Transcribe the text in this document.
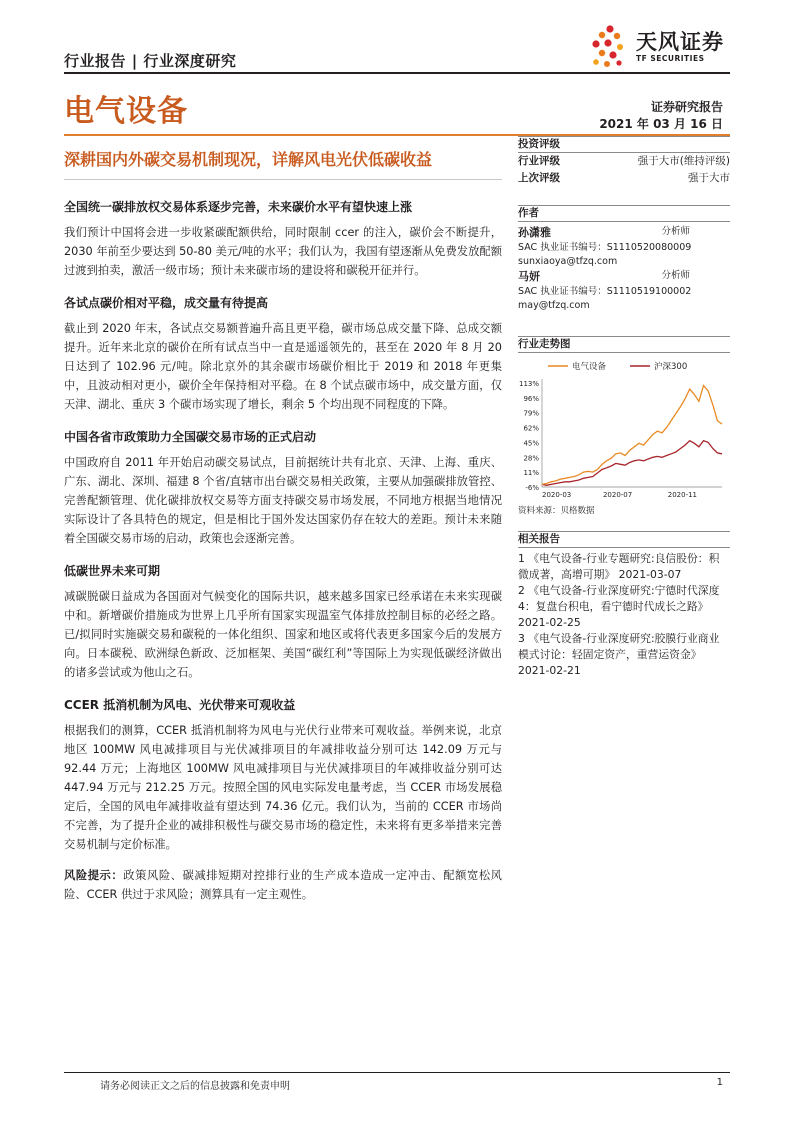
行业报告 | 行业深度研究
天风证券
TF SECURITIES
电气设备	证券研究报告
2021 年 03 月 16 日
深耕国内外碳交易机制现况，详解风电光伏低碳收益
全国统一碳排放权交易体系逐步完善，未来碳价水平有望快速上涨
我们预计中国将会进一步收紧碳配额供给，同时限制 ccer 的注入，碳价会不断提升，2030 年前至少要达到 50-80 美元/吨的水平；我们认为，我国有望逐渐从免费发放配额过渡到拍卖，激活一级市场；预计未来碳市场的建设将和碳税开征并行。
各试点碳价相对平稳，成交量有待提高
截止到 2020 年末，各试点交易额普遍升高且更平稳，碳市场总成交量下降、总成交额提升。近年来北京的碳价在所有试点当中一直是遥遥领先的，甚至在 2020 年 8 月 20 日达到了 102.96 元/吨。除北京外的其余碳市场碳价相比于 2019 和 2018 年更集中，且波动相对更小，碳价全年保持相对平稳。在 8 个试点碳市场中，成交量方面，仅天津、湖北、重庆 3 个碳市场实现了增长，剩余 5 个均出现不同程度的下降。
中国各省市政策助力全国碳交易市场的正式启动
中国政府自 2011 年开始启动碳交易试点，目前据统计共有北京、天津、上海、重庆、广东、湖北、深圳、福建 8 个省/直辖市出台碳交易相关政策，主要从加强碳排放管控、完善配额管理、优化碳排放权交易等方面支持碳交易市场发展，不同地方根据当地情况实际设计了各具特色的规定，但是相比于国外发达国家仍存在较大的差距。预计未来随着全国碳交易市场的启动，政策也会逐渐完善。
低碳世界未来可期
减碳脱碳日益成为各国面对气候变化的国际共识，越来越多国家已经承诺在未来实现碳中和。新增碳价措施成为世界上几乎所有国家实现温室气体排放控制目标的必经之路。已/拟同时实施碳交易和碳税的一体化组织、国家和地区或将代表更多国家今后的发展方向。日本碳税、欧洲绿色新政、泛加框架、美国“碳红利”等国际上为实现低碳经济做出的诸多尝试或为他山之石。
CCER 抵消机制为风电、光伏带来可观收益
根据我们的测算，CCER 抵消机制将为风电与光伏行业带来可观收益。举例来说，北京地区 100MW 风电减排项目与光伏减排项目的年减排收益分别可达 142.09 万元与 92.44 万元；上海地区 100MW 风电减排项目与光伏减排项目的年减排收益分别可达 447.94 万元与 212.25 万元。按照全国的风电实际发电量考虑，当 CCER 市场发展稳定后，全国的风电年减排收益有望达到 74.36 亿元。我们认为，当前的 CCER 市场尚不完善，为了提升企业的减排积极性与碳交易市场的稳定性，未来将有更多举措来完善交易机制与定价标准。
风险提示：政策风险、碳减排短期对控排行业的生产成本造成一定冲击、配额宽松风险、CCER 供过于求风险；测算具有一定主观性。
投资评级
行业评级	强于大市(维持评级)
上次评级	强于大市
作者
孙潇雅	分析师
SAC 执业证书编号：S1110520080009
sunxiaoya@tfzq.com
马妍	分析师
SAC 执业证书编号：S1110519100002
may@tfzq.com
行业走势图
电气设备	沪深300
113%
96%
79%
62%
45%
28%
11%
-6%
2020-03	2020-07	2020-11
资料来源：贝格数据
相关报告
1 《电气设备-行业专题研究:良信股份：积微成著，高增可期》 2021-03-07
2 《电气设备-行业深度研究:宁德时代深度 4：复盘台积电，看宁德时代成长之路》 2021-02-25
3 《电气设备-行业深度研究:胶膜行业商业模式讨论：轻固定资产，重营运资金》 2021-02-21
请务必阅读正文之后的信息披露和免责申明	1
